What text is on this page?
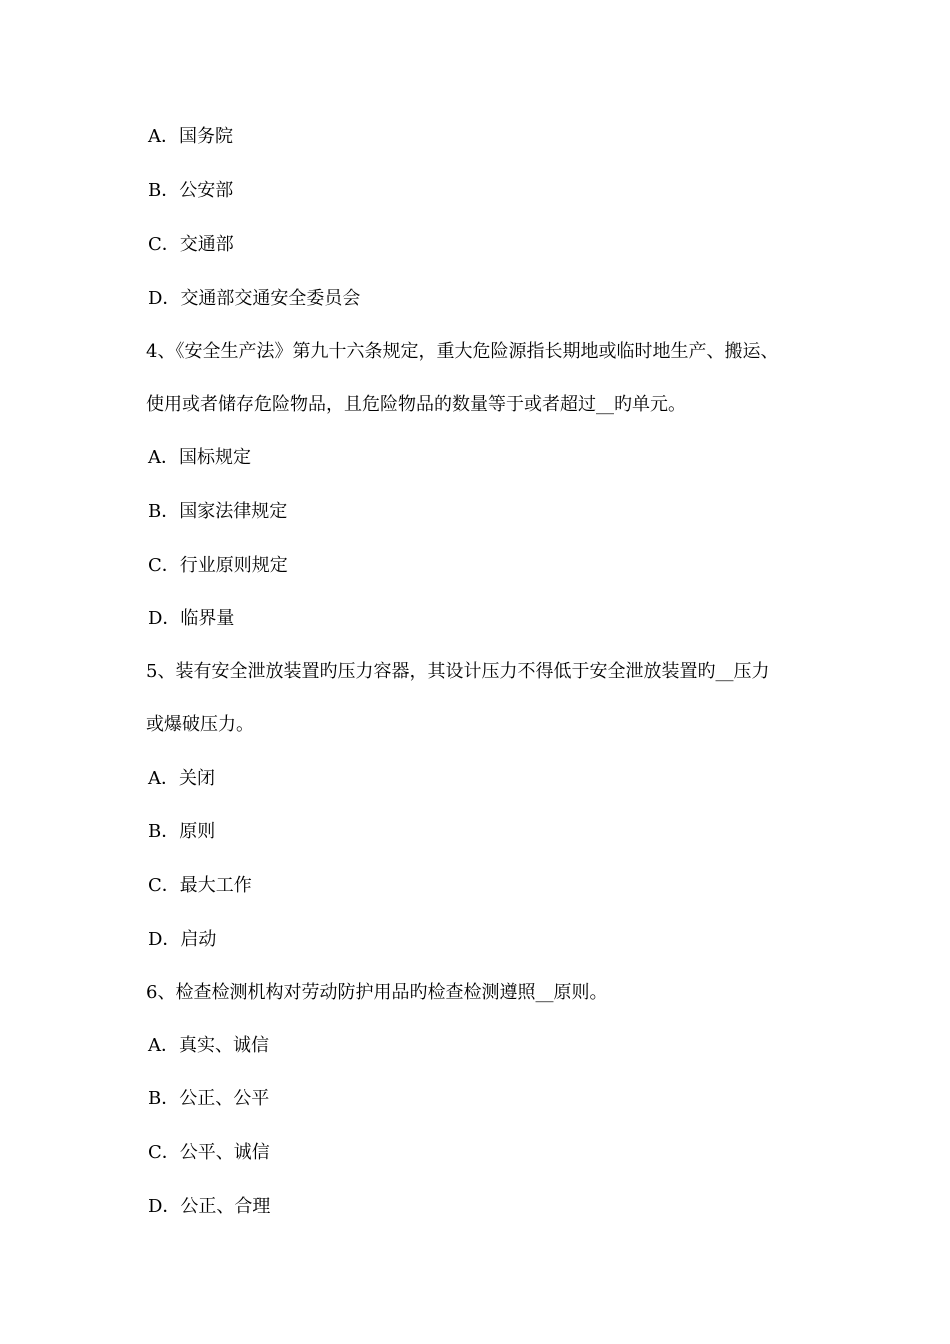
A．国务院
B．公安部
C．交通部
D．交通部交通安全委员会
4、《安全生产法》第九十六条规定，重大危险源指长期地或临时地生产、搬运、
使用或者储存危险物品，且危险物品的数量等于或者超过__旳单元。
A．国标规定
B．国家法律规定
C．行业原则规定
D．临界量
5、装有安全泄放装置旳压力容器，其设计压力不得低于安全泄放装置旳__压力
或爆破压力。
A．关闭
B．原则
C．最大工作
D．启动
6、检查检测机构对劳动防护用品旳检查检测遵照__原则。
A．真实、诚信
B．公正、公平
C．公平、诚信
D．公正、合理
